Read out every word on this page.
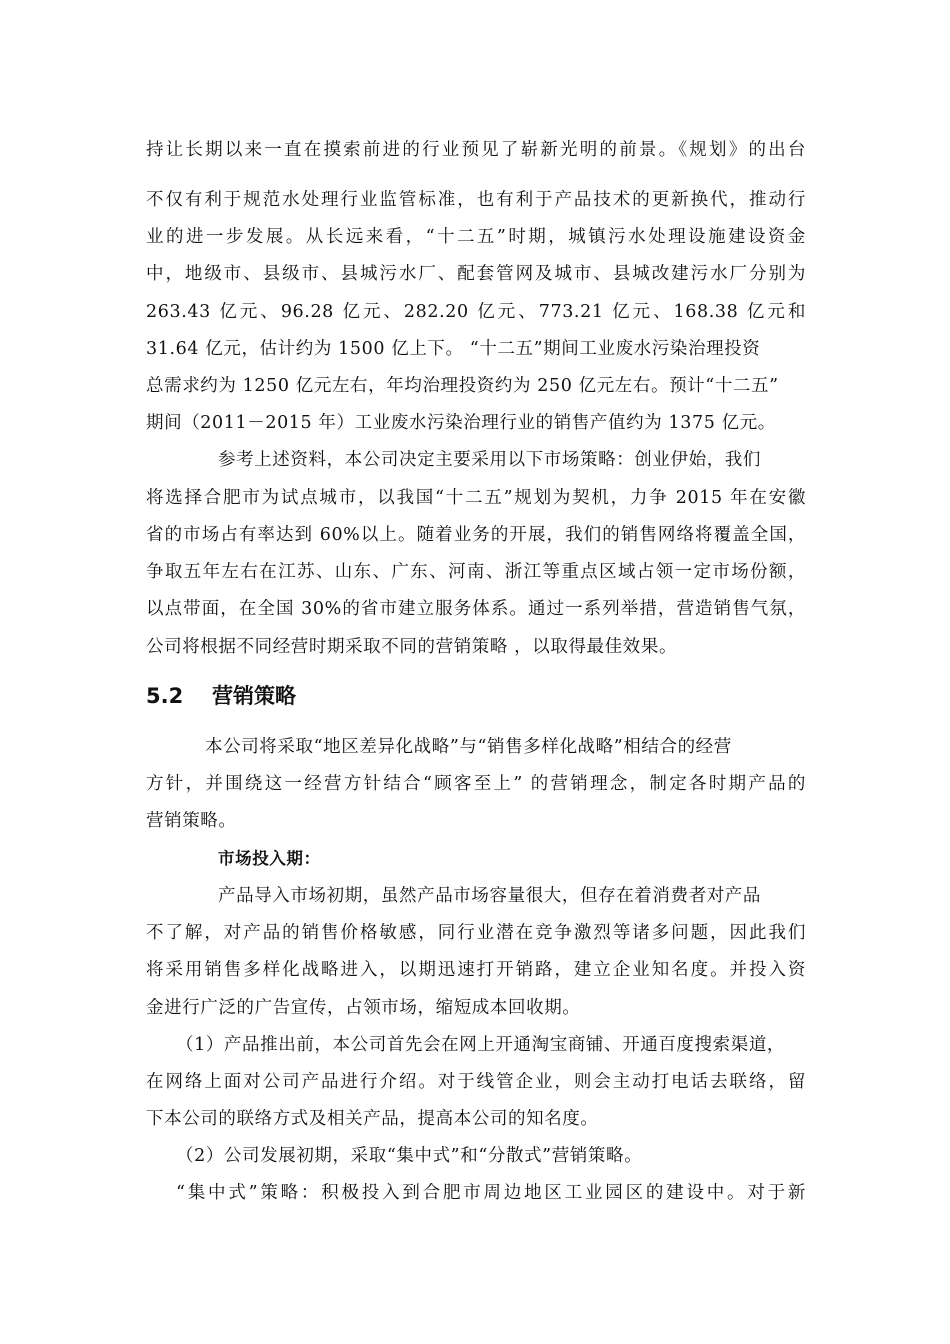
持让长期以来一直在摸索前进的行业预见了崭新光明的前景。《规划》的出台
不仅有利于规范水处理行业监管标准，也有利于产品技术的更新换代，推动行
业的进一步发展。从长远来看，“十二五”时期，城镇污水处理设施建设资金
中，地级市、县级市、县城污水厂、配套管网及城市、县城改建污水厂分别为
263.43 亿元、96.28 亿元、282.20 亿元、773.21 亿元、168.38 亿元和
31.64 亿元，估计约为 1500 亿上下。 “十二五”期间工业废水污染治理投资
总需求约为 1250 亿元左右，年均治理投资约为 250 亿元左右。预计“十二五”
期间（2011－2015 年）工业废水污染治理行业的销售产值约为 1375 亿元。
参考上述资料，本公司决定主要采用以下市场策略：创业伊始，我们
将选择合肥市为试点城市，以我国“十二五”规划为契机，力争 2015 年在安徽
省的市场占有率达到 60%以上。随着业务的开展，我们的销售网络将覆盖全国，
争取五年左右在江苏、山东、广东、河南、浙江等重点区域占领一定市场份额，
以点带面，在全国 30%的省市建立服务体系。通过一系列举措，营造销售气氛，
公司将根据不同经营时期采取不同的营销策略 ，以取得最佳效果。
5.2 营销策略
本公司将采取“地区差异化战略”与“销售多样化战略”相结合的经营
方针，并围绕这一经营方针结合“顾客至上” 的营销理念，制定各时期产品的
营销策略。
市场投入期：
产品导入市场初期，虽然产品市场容量很大，但存在着消费者对产品
不了解，对产品的销售价格敏感，同行业潜在竞争激烈等诸多问题，因此我们
将采用销售多样化战略进入，以期迅速打开销路，建立企业知名度。并投入资
金进行广泛的广告宣传，占领市场，缩短成本回收期。
（1）产品推出前，本公司首先会在网上开通淘宝商铺、开通百度搜索渠道，
在网络上面对公司产品进行介绍。对于线管企业，则会主动打电话去联络，留
下本公司的联络方式及相关产品，提高本公司的知名度。
（2）公司发展初期，采取“集中式”和“分散式”营销策略。
“集中式”策略：积极投入到合肥市周边地区工业园区的建设中。对于新
